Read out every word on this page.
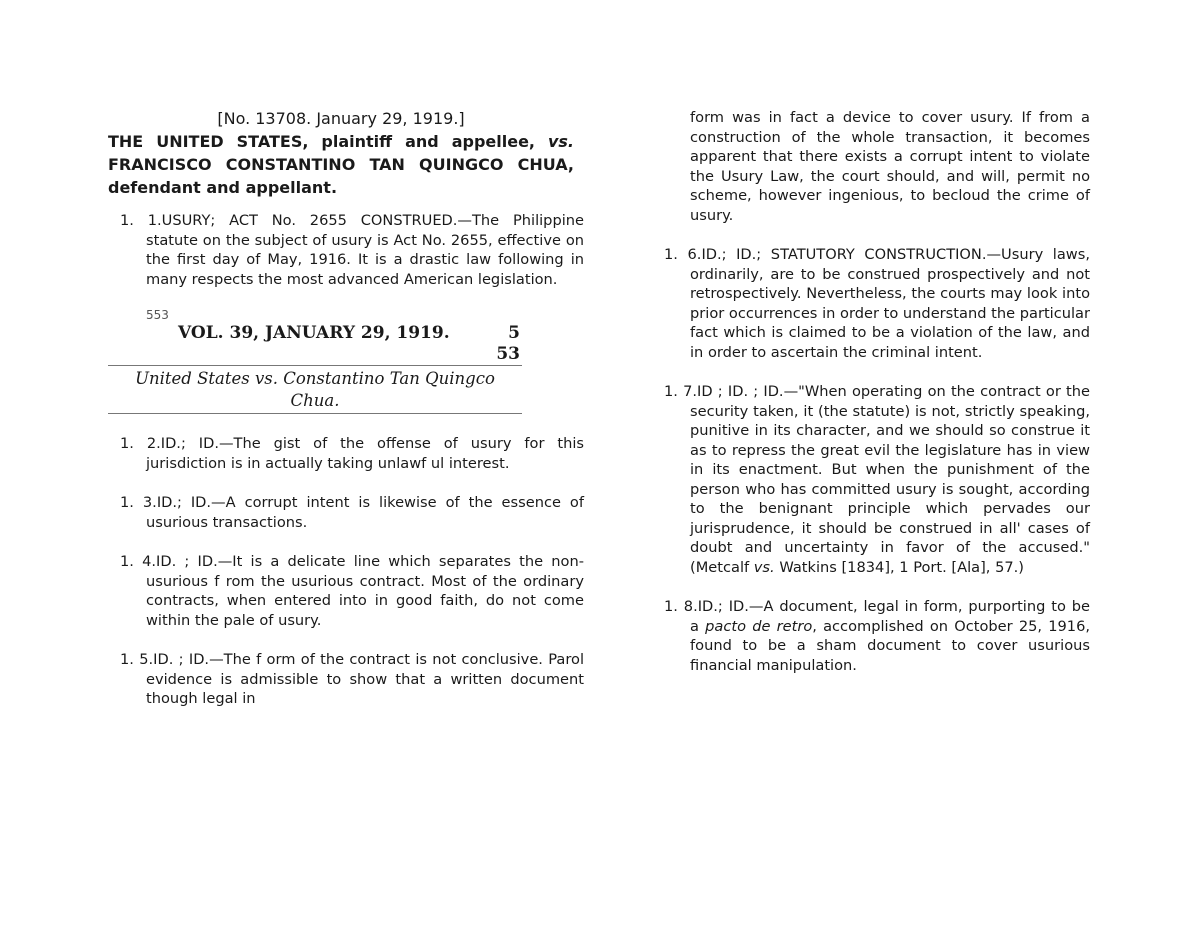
[No. 13708. January 29, 1919.]
THE UNITED STATES, plaintiff and appellee, vs. FRANCISCO CONSTANTINO TAN QUINGCO CHUA, defendant and appellant.
1. 1.USURY; ACT No. 2655 CONSTRUED.—The Philippine statute on the subject of usury is Act No. 2655, effective on the first day of May, 1916. It is a drastic law following in many respects the most advanced American legislation.
553
VOL. 39, JANUARY 29, 1919.	5
53
United States vs. Constantino Tan Quingco Chua.
1. 2.ID.; ID.—The gist of the offense of usury for this jurisdiction is in actually taking unlawf ul interest.
1. 3.ID.; ID.—A corrupt intent is likewise of the essence of usurious transactions.
1. 4.ID. ; ID.—It is a delicate line which separates the non-usurious f rom the usurious contract. Most of the ordinary contracts, when entered into in good faith, do not come within the pale of usury.
1. 5.ID. ; ID.—The f orm of the contract is not conclusive. Parol evidence is admissible to show that a written document though legal in
form was in fact a device to cover usury. If from a construction of the whole transaction, it becomes apparent that there exists a corrupt intent to violate the Usury Law, the court should, and will, permit no scheme, however ingenious, to becloud the crime of usury.
1. 6.ID.; ID.; STATUTORY CONSTRUCTION.—Usury laws, ordinarily, are to be construed prospectively and not retrospectively. Nevertheless, the courts may look into prior occurrences in order to understand the particular fact which is claimed to be a violation of the law, and in order to ascertain the criminal intent.
1. 7.ID ; ID. ; ID.—"When operating on the contract or the security taken, it (the statute) is not, strictly speaking, punitive in its character, and we should so construe it as to repress the great evil the legislature has in view in its enactment. But when the punishment of the person who has committed usury is sought, according to the benignant principle which pervades our jurisprudence, it should be construed in all' cases of doubt and uncertainty in favor of the accused." (Metcalf vs. Watkins [1834], 1 Port. [Ala], 57.)
1. 8.ID.; ID.—A document, legal in form, purporting to be a pacto de retro, accomplished on October 25, 1916, found to be a sham document to cover usurious financial manipulation.
